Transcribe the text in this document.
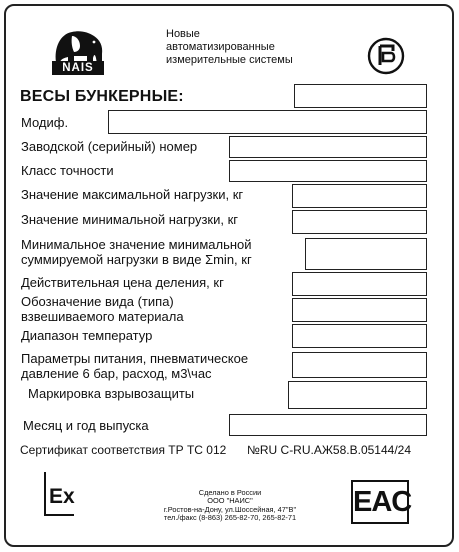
NAIS
Новые
автоматизированные
измерительные системы
ВЕСЫ БУНКЕРНЫЕ:
Модиф.
Заводской (серийный) номер
Класс точности
Значение максимальной нагрузки, кг
Значение минимальной нагрузки, кг
Минимальное значение минимальной
суммируемой нагрузки в виде Σmin, кг
Действительная цена деления, кг
Обозначение вида (типа)
взвешиваемого материала
Диапазон температур
Параметры питания, пневматическое
давление 6 бар, расход, м3\час
Маркировка взрывозащиты
Месяц и год выпуска
Сертификат соответствия ТР ТС 012 №RU C-RU.АЖ58.В.05144/24
Ex	Сделано в России
ООО "НАИС"
г.Ростов-на-Дону, ул.Шоссейная, 47"В"
тел./факс (8-863) 265-82-70, 265-82-71	EAC
